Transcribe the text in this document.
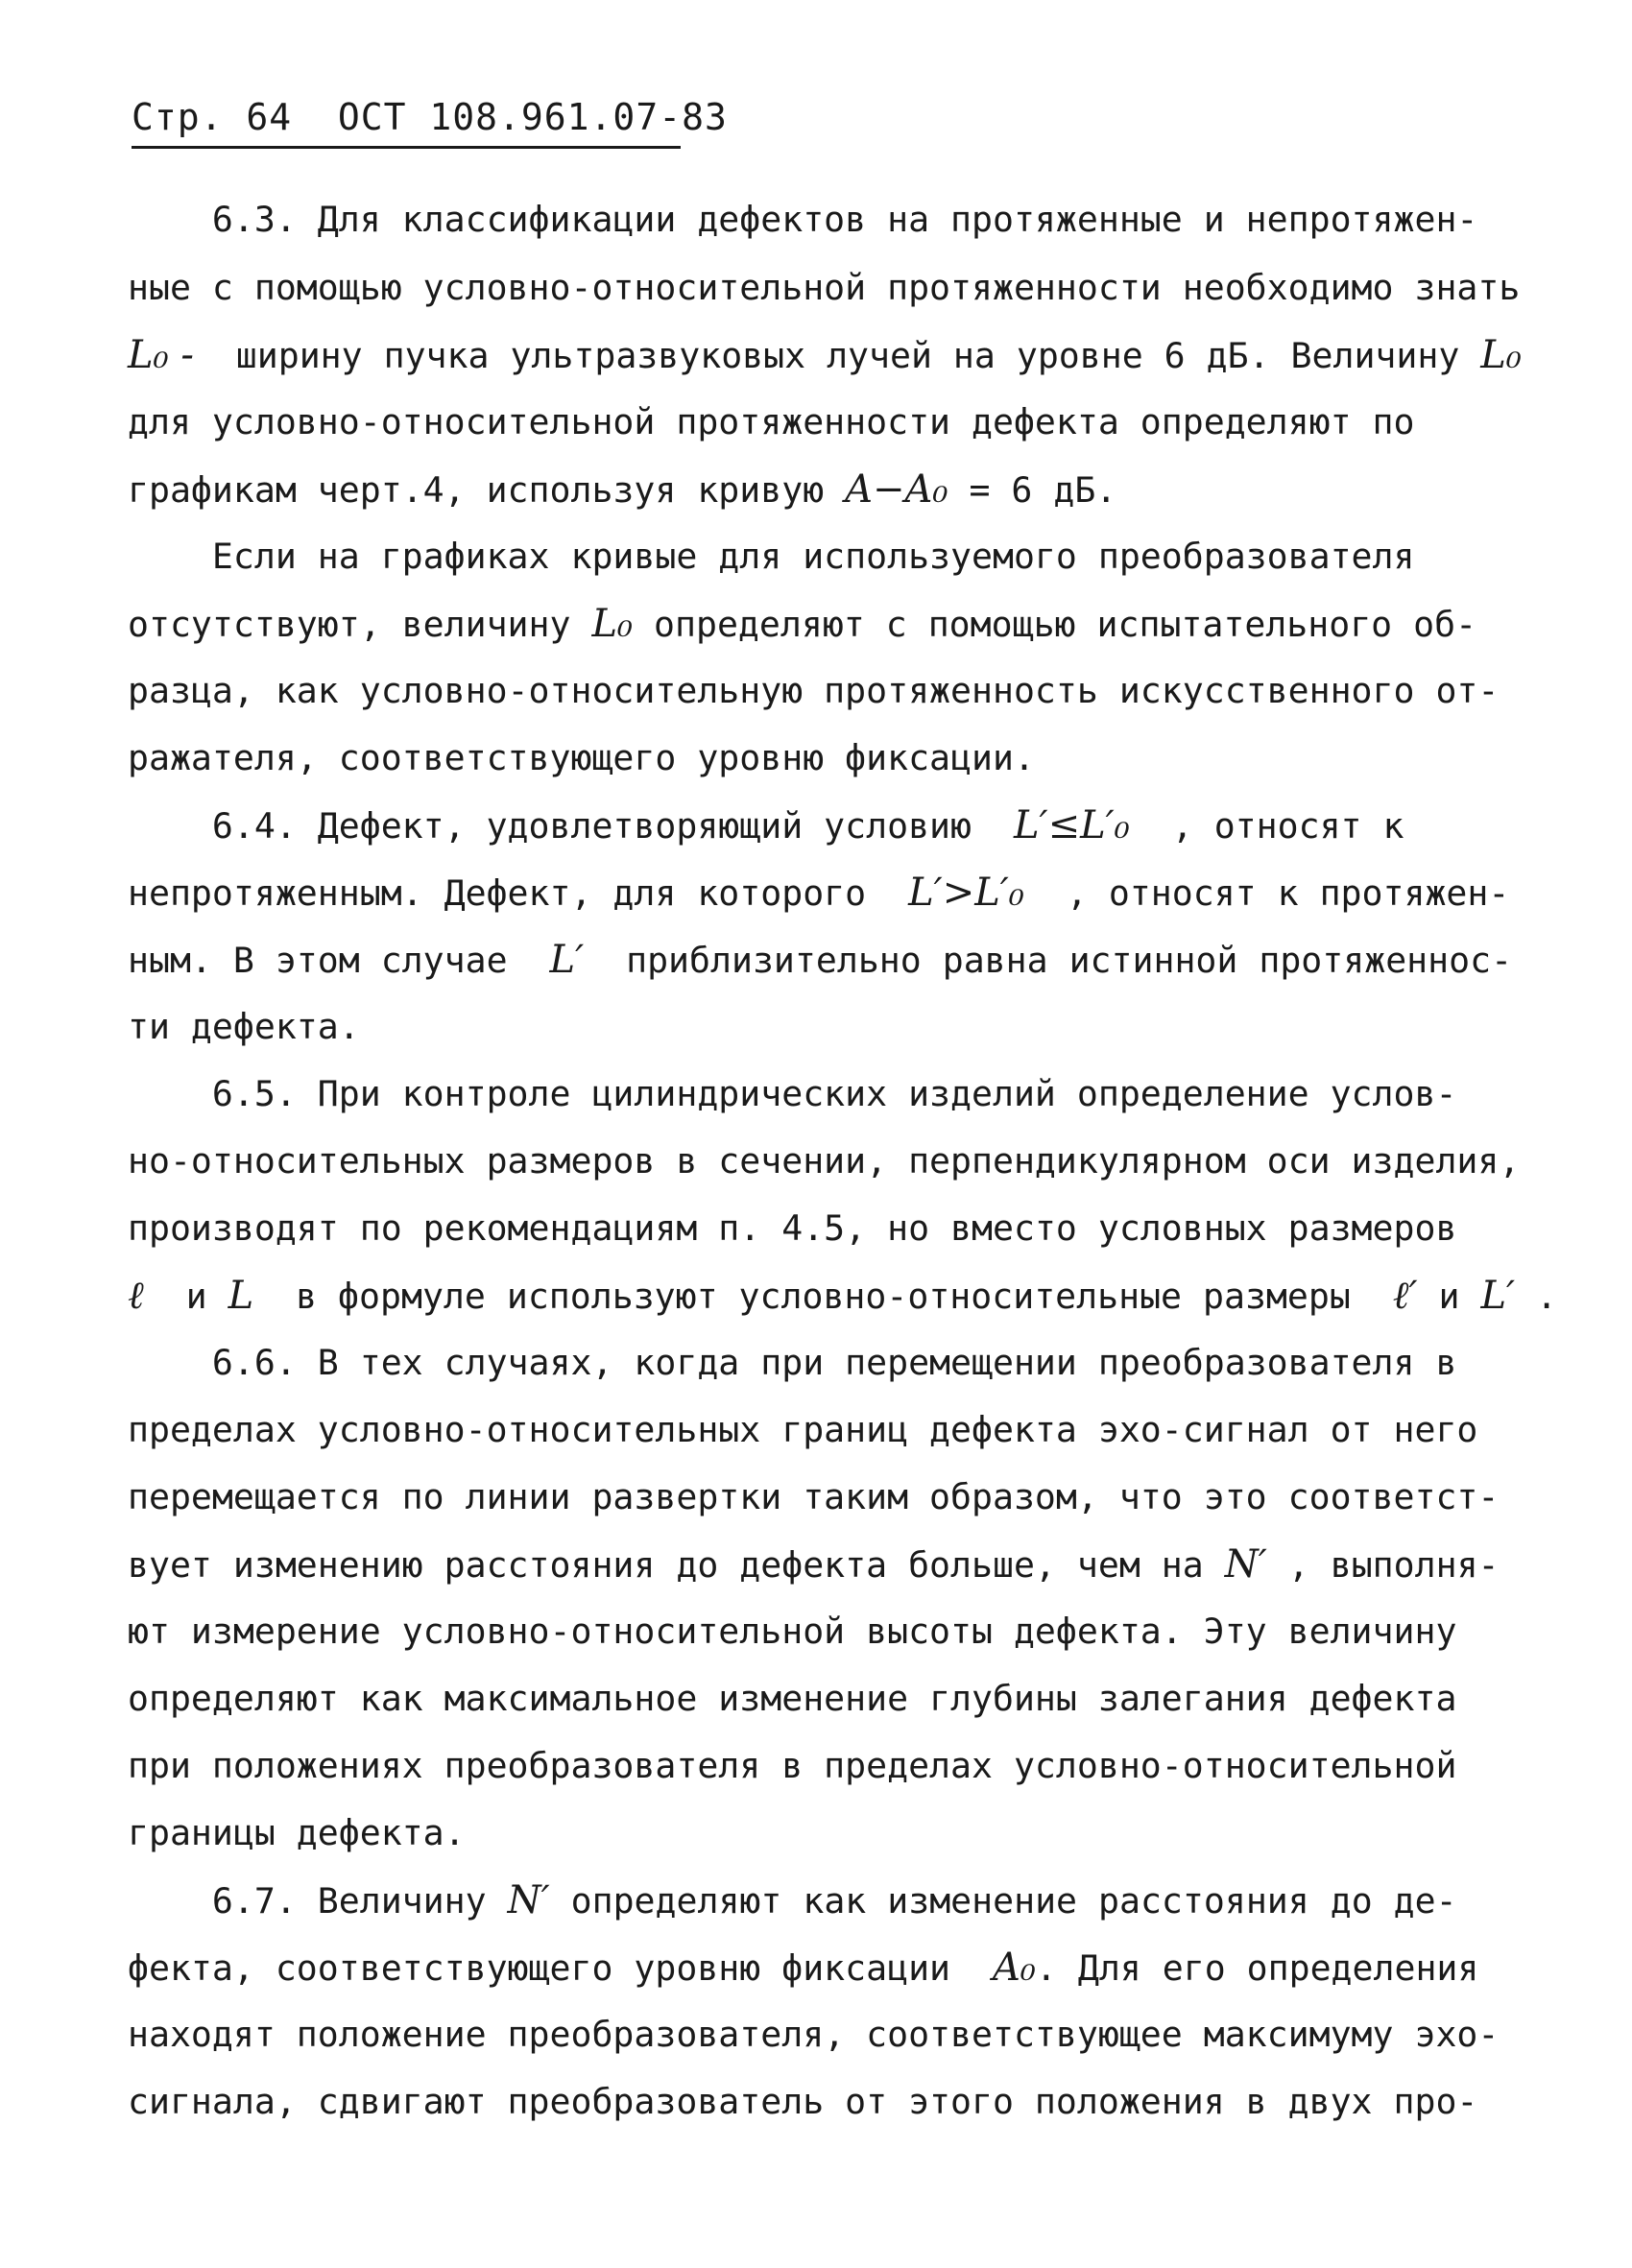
Стр. 64  ОСТ 108.961.07-83
6.3. Для классификации дефектов на протяженные и непротяжен-
ные с помощью условно-относительной протяженности необходимо знать
L₀ -  ширину пучка ультразвуковых лучей на уровне 6 дБ. Величину L₀
для условно-относительной протяженности дефекта определяют по
графикам черт.4, используя кривую A−A₀ = 6 дБ.
Если на графиках кривые для используемого преобразователя
отсутствуют, величину L₀ определяют с помощью испытательного об-
разца, как условно-относительную протяженность искусственного от-
ражателя, соответствующего уровню фиксации.
6.4. Дефект, удовлетворяющий условию  L′≤L′₀  , относят к
непротяженным. Дефект, для которого  L′>L′₀  , относят к протяжен-
ным. В этом случае  L′  приблизительно равна истинной протяженнос-
ти дефекта.
6.5. При контроле цилиндрических изделий определение услов-
но-относительных размеров в сечении, перпендикулярном оси изделия,
производят по рекомендациям п. 4.5, но вместо условных размеров
ℓ  и L  в формуле используют условно-относительные размеры  ℓ′ и L′ .
6.6. В тех случаях, когда при перемещении преобразователя в
пределах условно-относительных границ дефекта эхо-сигнал от него
перемещается по линии развертки таким образом, что это соответст-
вует изменению расстояния до дефекта больше, чем на N′ , выполня-
ют измерение условно-относительной высоты дефекта. Эту величину
определяют как максимальное изменение глубины залегания дефекта
при положениях преобразователя в пределах условно-относительной
границы дефекта.
6.7. Величину N′ определяют как изменение расстояния до де-
фекта, соответствующего уровню фиксации  A₀. Для его определения
находят положение преобразователя, соответствующее максимуму эхо-
сигнала, сдвигают преобразователь от этого положения в двух про-
